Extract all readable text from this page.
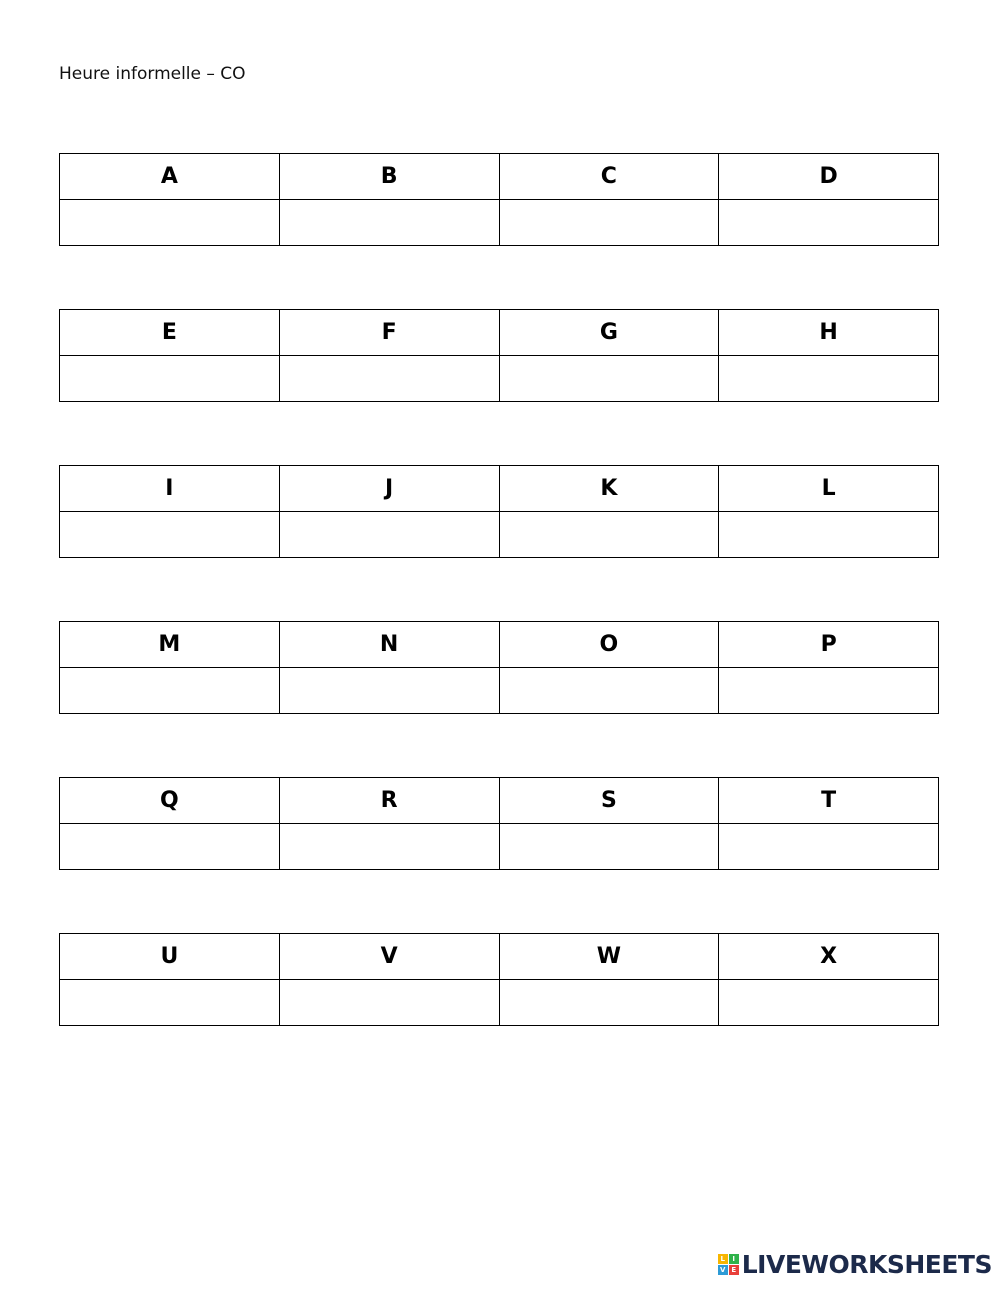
Heure informelle – CO
A	B	C	D

E	F	G	H

I	J	K	L

M	N	O	P

Q	R	S	T

U	V	W	X

L	I
V E LIVEWORKSHEETS
